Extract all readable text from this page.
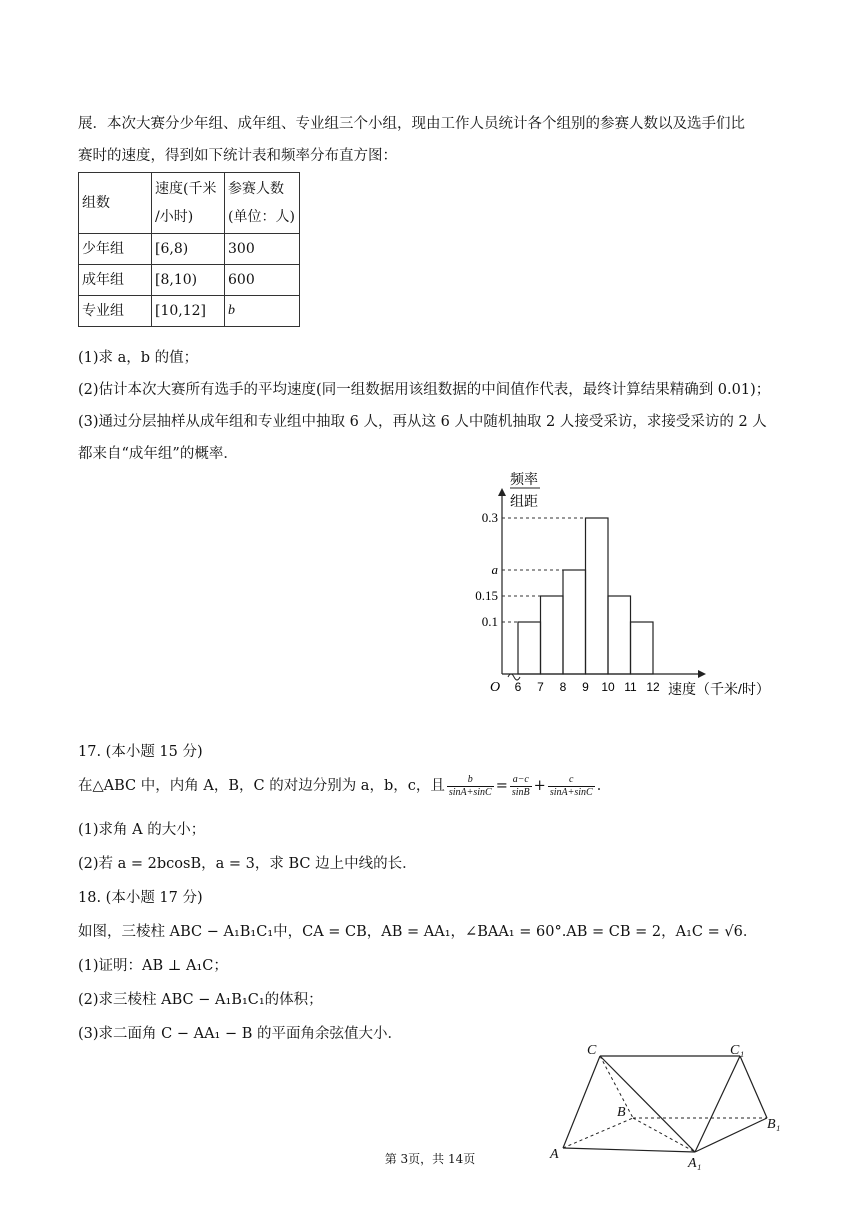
展．本次大赛分少年组、成年组、专业组三个小组，现由工作人员统计各个组别的参赛人数以及选手们比
赛时的速度，得到如下统计表和频率分布直方图：
组数	速度(千米
/小时)	参赛人数
(单位：人)
少年组	[6,8)	300
成年组	[8,10)	600
专业组	[10,12]	b
(1)求 a，b 的值；
(2)估计本次大赛所有选手的平均速度(同一组数据用该组数据的中间值作代表，最终计算结果精确到 0.01)；
(3)通过分层抽样从成年组和专业组中抽取 6 人，再从这 6 人中随机抽取 2 人接受采访，求接受采访的 2 人
都来自“成年组”的概率．
0.1
0.15
a
0.3
6 7 8 9 10 11 12
O	速度（千米/时）
频率
组距
17. (本小题 15 分)
在△ABC 中，内角 A，B，C 的对边分别为 a，b，c，且 $\frac{b}{\sin A+\sin C} = \frac{a-c}{\sin B} + \frac{c}{\sin A+\sin C}$ ．
(1)求角 A 的大小；
(2)若 a = 2bcosB，a = 3，求 BC 边上中线的长．
18. (本小题 17 分)
如图，三棱柱 ABC − A₁B₁C₁中，CA = CB，AB = AA₁，∠BAA₁ = 60°.AB = CB = 2，A₁C = √6．
(1)证明：AB ⊥ A₁C；
(2)求三棱柱 ABC − A₁B₁C₁的体积；
(3)求二面角 C − AA₁ − B 的平面角余弦值大小．
C	C₁
B
B₁
A
A₁
第 3页，共 14页
